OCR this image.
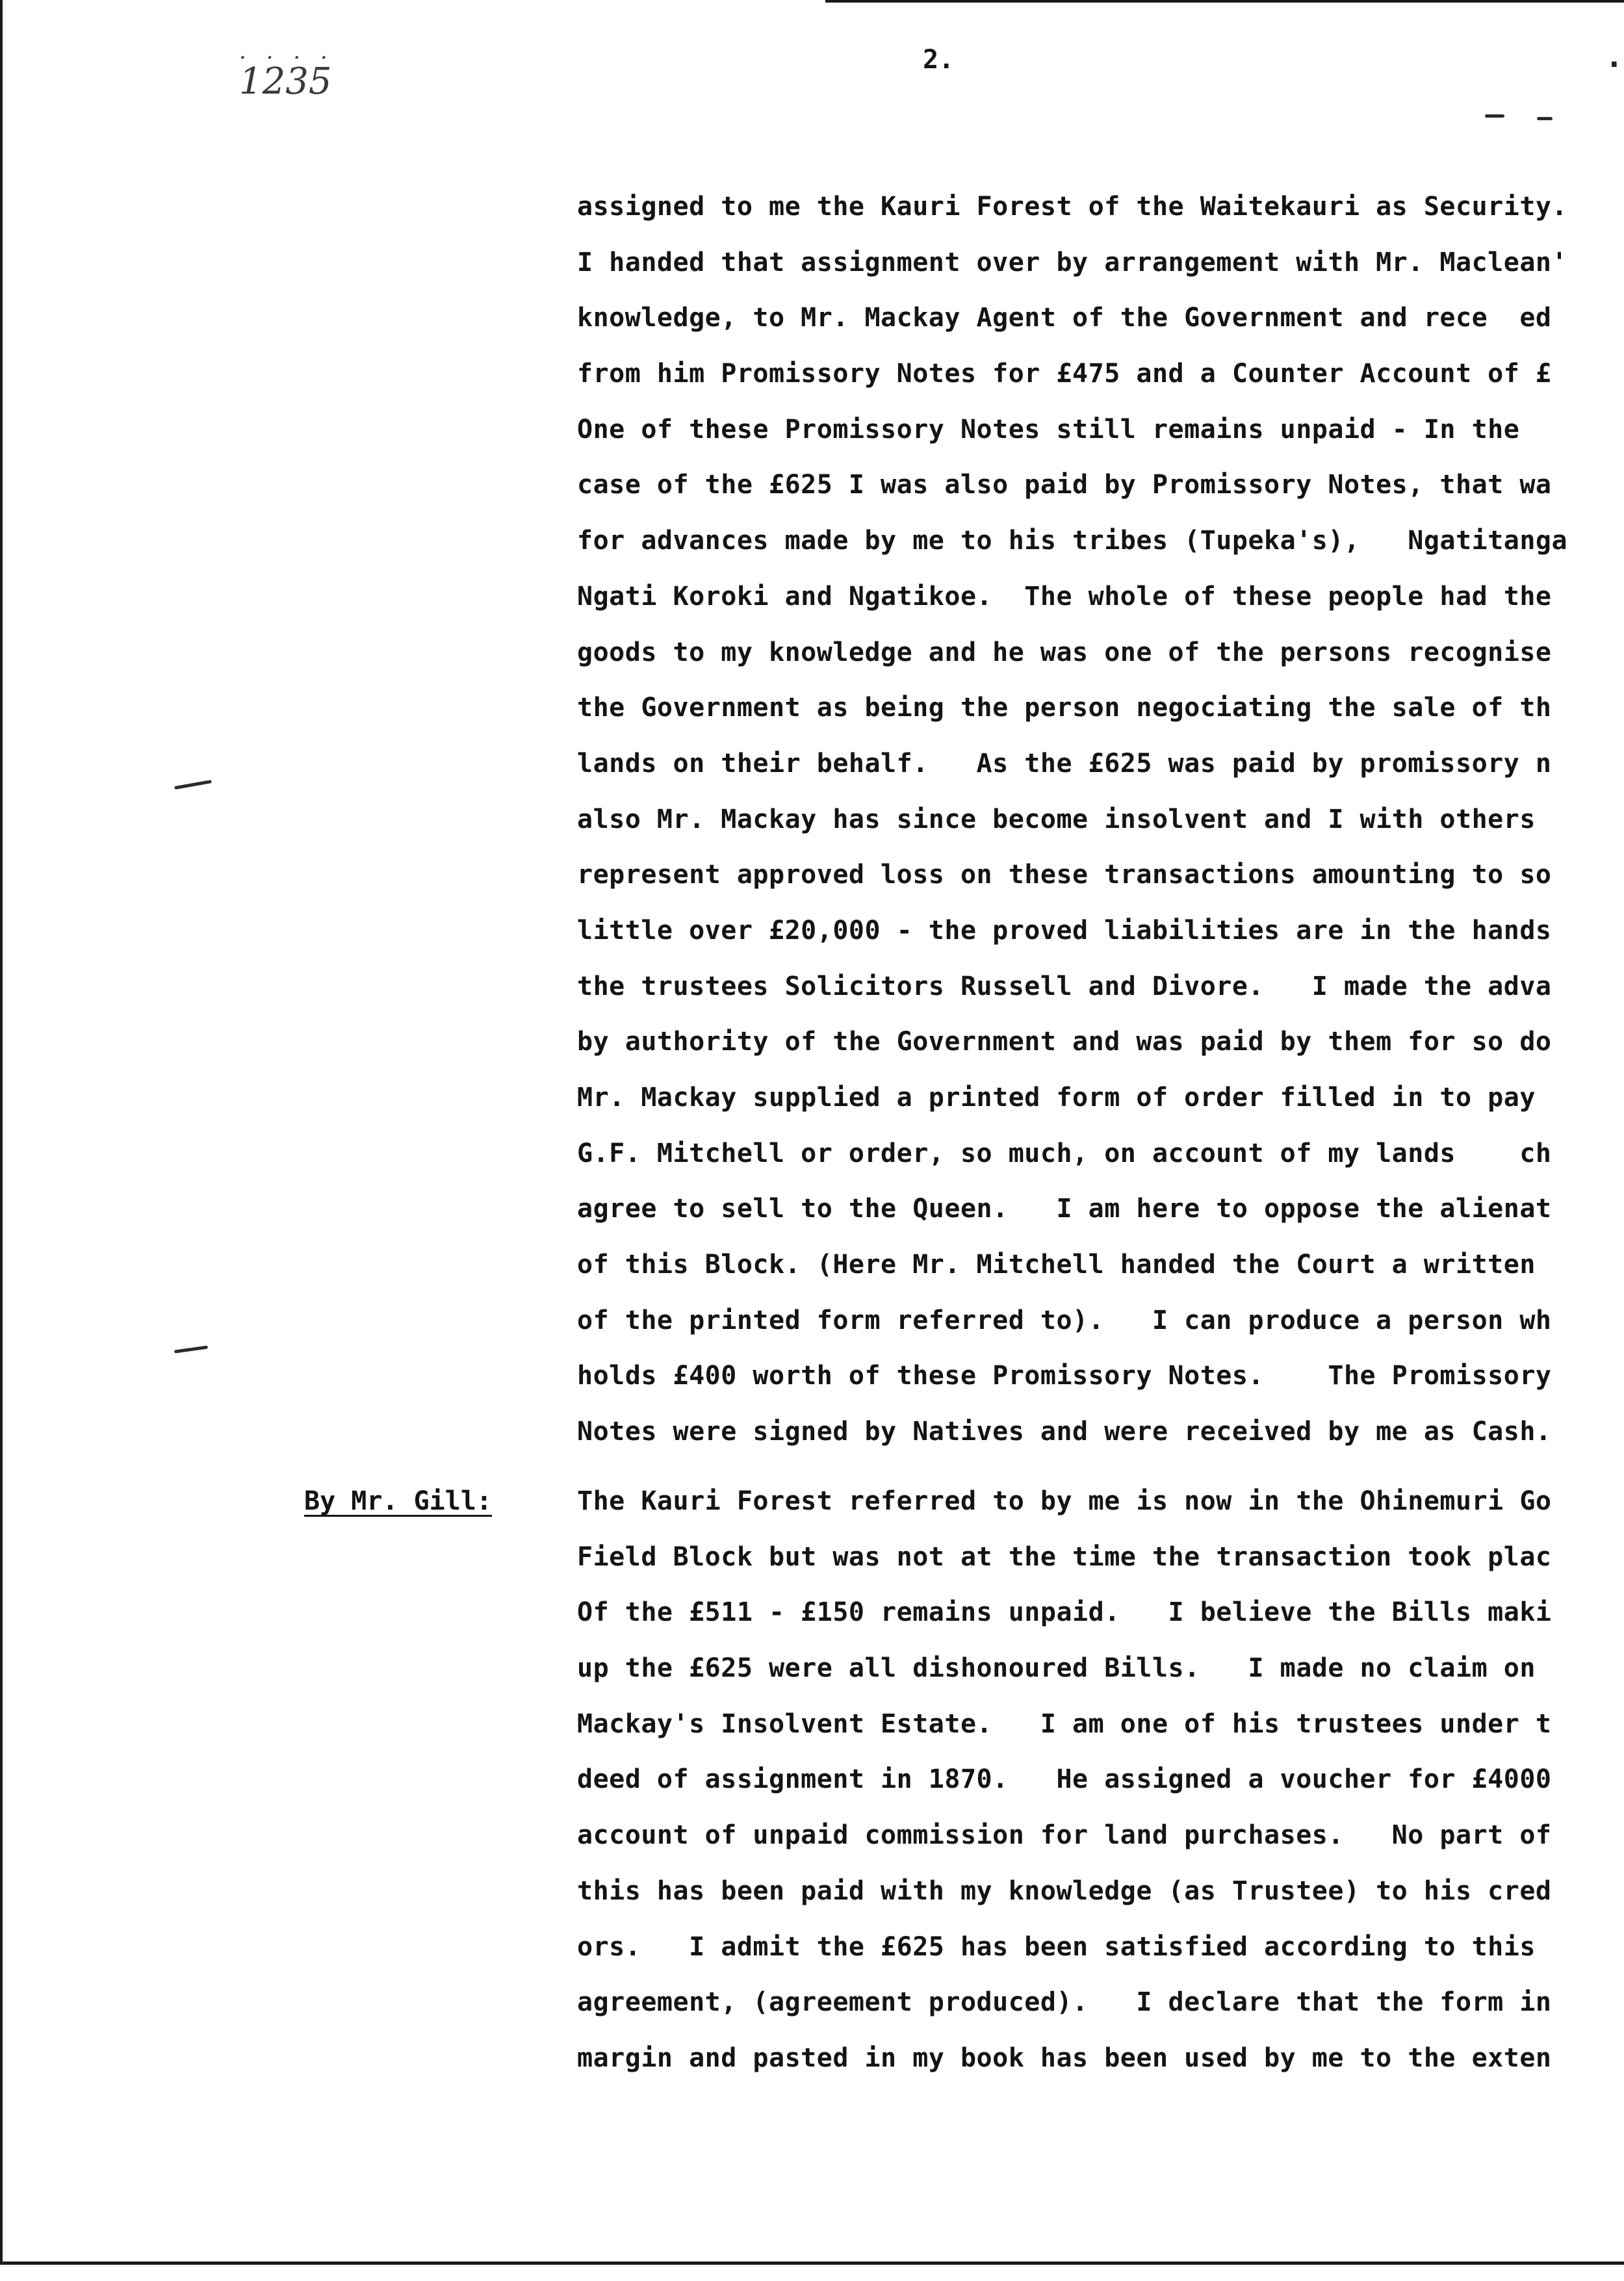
. . . .
1235
2.	.
assigned to me the Kauri Forest of the Waitekauri as Security.
I handed that assignment over by arrangement with Mr. Maclean'
knowledge, to Mr. Mackay Agent of the Government and rece  ed
from him Promissory Notes for £475 and a Counter Account of £
One of these Promissory Notes still remains unpaid - In the
case of the £625 I was also paid by Promissory Notes, that wa
for advances made by me to his tribes (Tupeka's),   Ngatitanga
Ngati Koroki and Ngatikoe.  The whole of these people had the
goods to my knowledge and he was one of the persons recognise
the Government as being the person negociating the sale of th
lands on their behalf.   As the £625 was paid by promissory n
also Mr. Mackay has since become insolvent and I with others
represent approved loss on these transactions amounting to so
little over £20,000 - the proved liabilities are in the hands
the trustees Solicitors Russell and Divore.   I made the adva
by authority of the Government and was paid by them for so do
Mr. Mackay supplied a printed form of order filled in to pay
G.F. Mitchell or order, so much, on account of my lands    ch
agree to sell to the Queen.   I am here to oppose the alienat
of this Block. (Here Mr. Mitchell handed the Court a written
of the printed form referred to).   I can produce a person wh
holds £400 worth of these Promissory Notes.    The Promissory
Notes were signed by Natives and were received by me as Cash.
By Mr. Gill:	The Kauri Forest referred to by me is now in the Ohinemuri Go
Field Block but was not at the time the transaction took plac
Of the £511 - £150 remains unpaid.   I believe the Bills maki
up the £625 were all dishonoured Bills.   I made no claim on
Mackay's Insolvent Estate.   I am one of his trustees under t
deed of assignment in 1870.   He assigned a voucher for £4000
account of unpaid commission for land purchases.   No part of
this has been paid with my knowledge (as Trustee) to his cred
ors.   I admit the £625 has been satisfied according to this
agreement, (agreement produced).   I declare that the form in
margin and pasted in my book has been used by me to the exten
